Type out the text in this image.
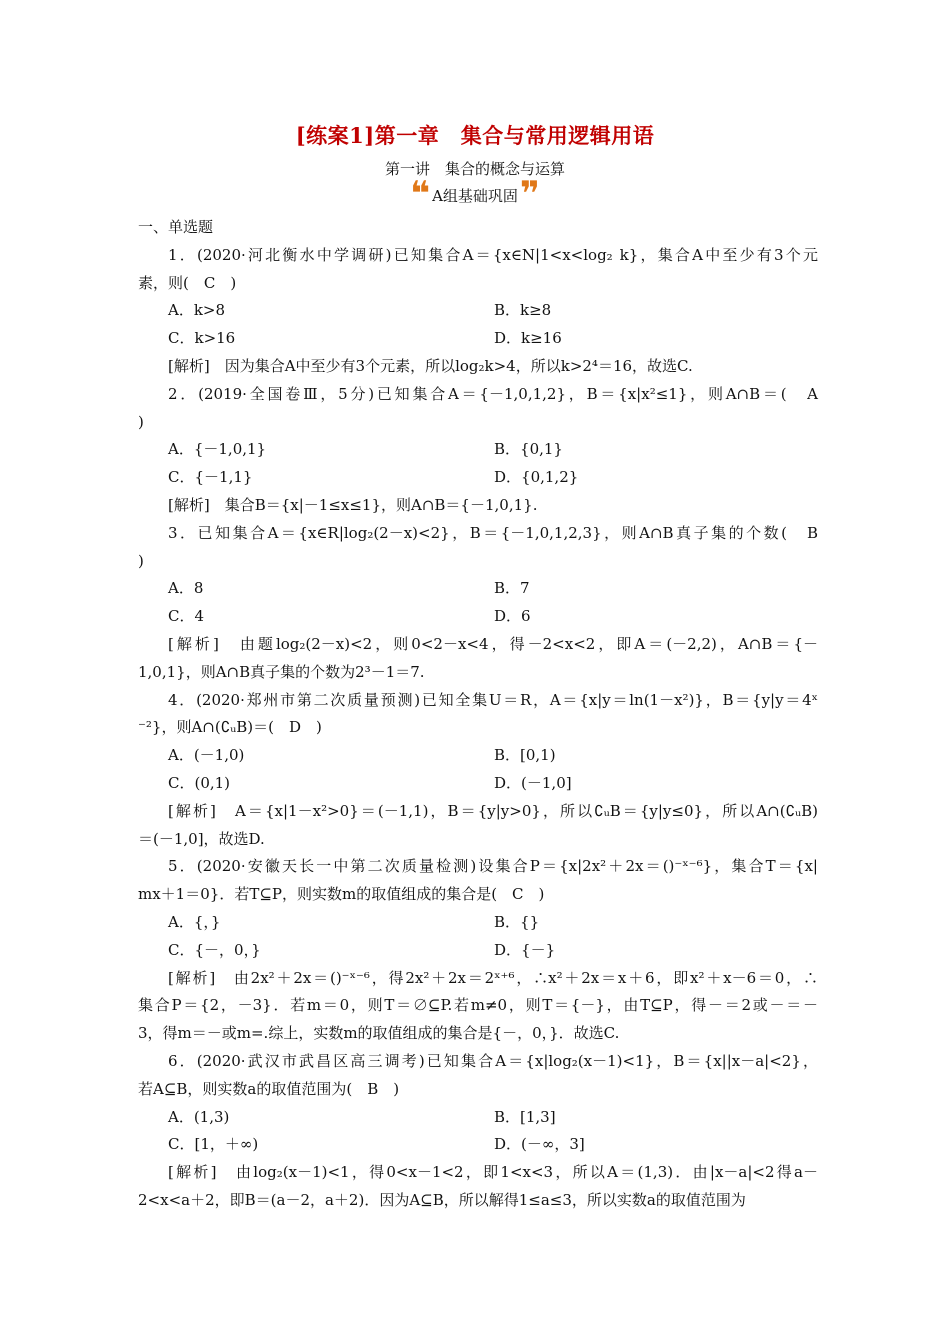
[练案1]第一章　集合与常用逻辑用语
第一讲　集合的概念与运算
❝ A组基础巩固❞
一、单选题
1．(2020·河北衡水中学调研)已知集合A＝{x∈N|1<x<log₂ k}，集合A中至少有3个元
素，则(　C　)
A．k>8	B．k≥8
C．k>16	D．k≥16
[解析]　因为集合A中至少有3个元素，所以log₂k>4，所以k>2⁴＝16，故选C.
2．(2019·全国卷Ⅲ，5分)已知集合A＝{－1,0,1,2}，B＝{x|x²≤1}，则A∩B＝(　A
)
A．{－1,0,1}	B．{0,1}
C．{－1,1}	D．{0,1,2}
[解析]　集合B＝{x|－1≤x≤1}，则A∩B＝{－1,0,1}.
3．已知集合A＝{x∈R|log₂(2－x)<2}，B＝{－1,0,1,2,3}，则A∩B真子集的个数(　B
)
A．8	B．7
C．4	D．6
[解析]　由题log₂(2－x)<2，则0<2－x<4，得－2<x<2，即A＝(－2,2)，A∩B＝{－
1,0,1}，则A∩B真子集的个数为2³－1＝7.
4．(2020·郑州市第二次质量预测)已知全集U＝R，A＝{x|y＝ln(1－x²)}，B＝{y|y＝4ˣ
⁻²}，则A∩(∁ᵤB)＝(　D　)
A．(－1,0)	B．[0,1)
C．(0,1)	D．(－1,0]
[解析]　A＝{x|1－x²>0}＝(－1,1)，B＝{y|y>0}，所以∁ᵤB＝{y|y≤0}，所以A∩(∁ᵤB)
＝(－1,0]，故选D.
5．(2020·安徽天长一中第二次质量检测)设集合P＝{x|2x²＋2x＝()⁻ˣ⁻⁶}，集合T＝{x|
mx＋1＝0}．若T⊆P，则实数m的取值组成的集合是(　C　)
A．{，}	B．{}
C．{－，0，}	D．{－}
[解析]　由2x²＋2x＝()⁻ˣ⁻⁶，得2x²＋2x＝2ˣ⁺⁶，∴x²＋2x＝x＋6，即x²＋x－6＝0，∴
集合P＝{2，－3}．若m＝0，则T＝∅⊆P.若m≠0，则T＝{－}，由T⊆P，得－＝2或－＝－
3，得m＝－或m=.综上，实数m的取值组成的集合是{－，0，}．故选C.
6．(2020·武汉市武昌区高三调考)已知集合A＝{x|log₂(x－1)<1}，B＝{x||x－a|<2}，
若A⊆B，则实数a的取值范围为(　B　)
A．(1,3)	B．[1,3]
C．[1，＋∞)	D．(－∞，3]
[解析]　由log₂(x－1)<1，得0<x－1<2，即1<x<3，所以A＝(1,3)．由|x－a|<2得a－
2<x<a＋2，即B＝(a－2，a＋2)．因为A⊆B，所以解得1≤a≤3，所以实数a的取值范围为
